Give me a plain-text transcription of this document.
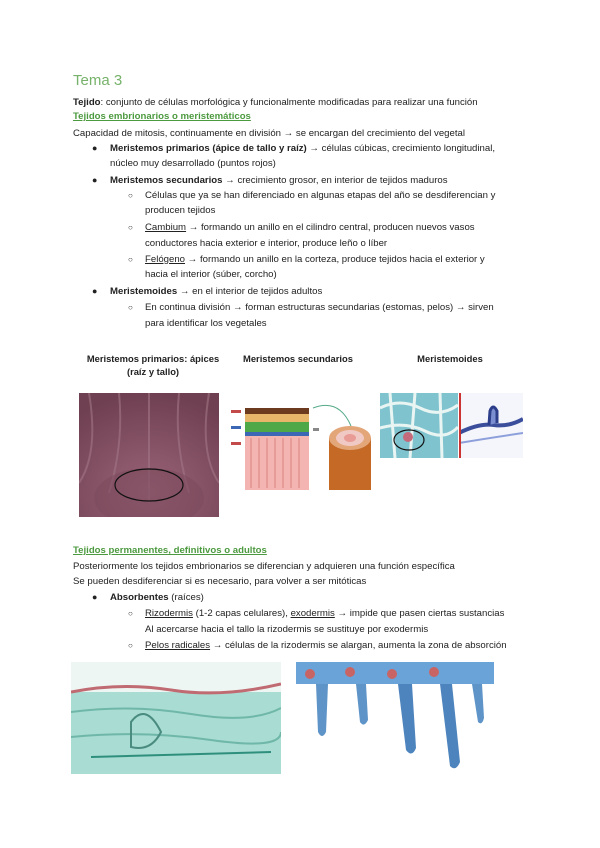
Tema 3
Tejido: conjunto de células morfológica y funcionalmente modificadas para realizar una función
Tejidos embrionarios o meristemáticos
Capacidad de mitosis, continuamente en división → se encargan del crecimiento del vegetal
● Meristemos primarios (ápice de tallo y raíz) → células cúbicas, crecimiento longitudinal,
núcleo muy desarrollado (puntos rojos)
● Meristemos secundarios → crecimiento grosor, en interior de tejidos maduros
○ Células que ya se han diferenciado en algunas etapas del año se desdiferencian y
producen tejidos
○ Cambium → formando un anillo en el cilindro central, producen nuevos vasos
conductores hacia exterior e interior, produce leño o líber
○ Felógeno → formando un anillo en la corteza, produce tejidos hacia el exterior y
hacia el interior (súber, corcho)
● Meristemoides → en el interior de tejidos adultos
○ En continua división → forman estructuras secundarias (estomas, pelos) → sirven
para identificar los vegetales
Meristemos primarios: ápices
(raíz y tallo)
Meristemos secundarios	Meristemoides
Tejidos permanentes, definitivos o adultos
Posteriormente los tejidos embrionarios se diferencian y adquieren una función específica
Se pueden desdiferenciar si es necesario, para volver a ser mitóticas
● Absorbentes (raíces)
○ Rizodermis (1-2 capas celulares), exodermis → impide que pasen ciertas sustancias
Al acercarse hacia el tallo la rizodermis se sustituye por exodermis
○ Pelos radicales → células de la rizodermis se alargan, aumenta la zona de absorción
